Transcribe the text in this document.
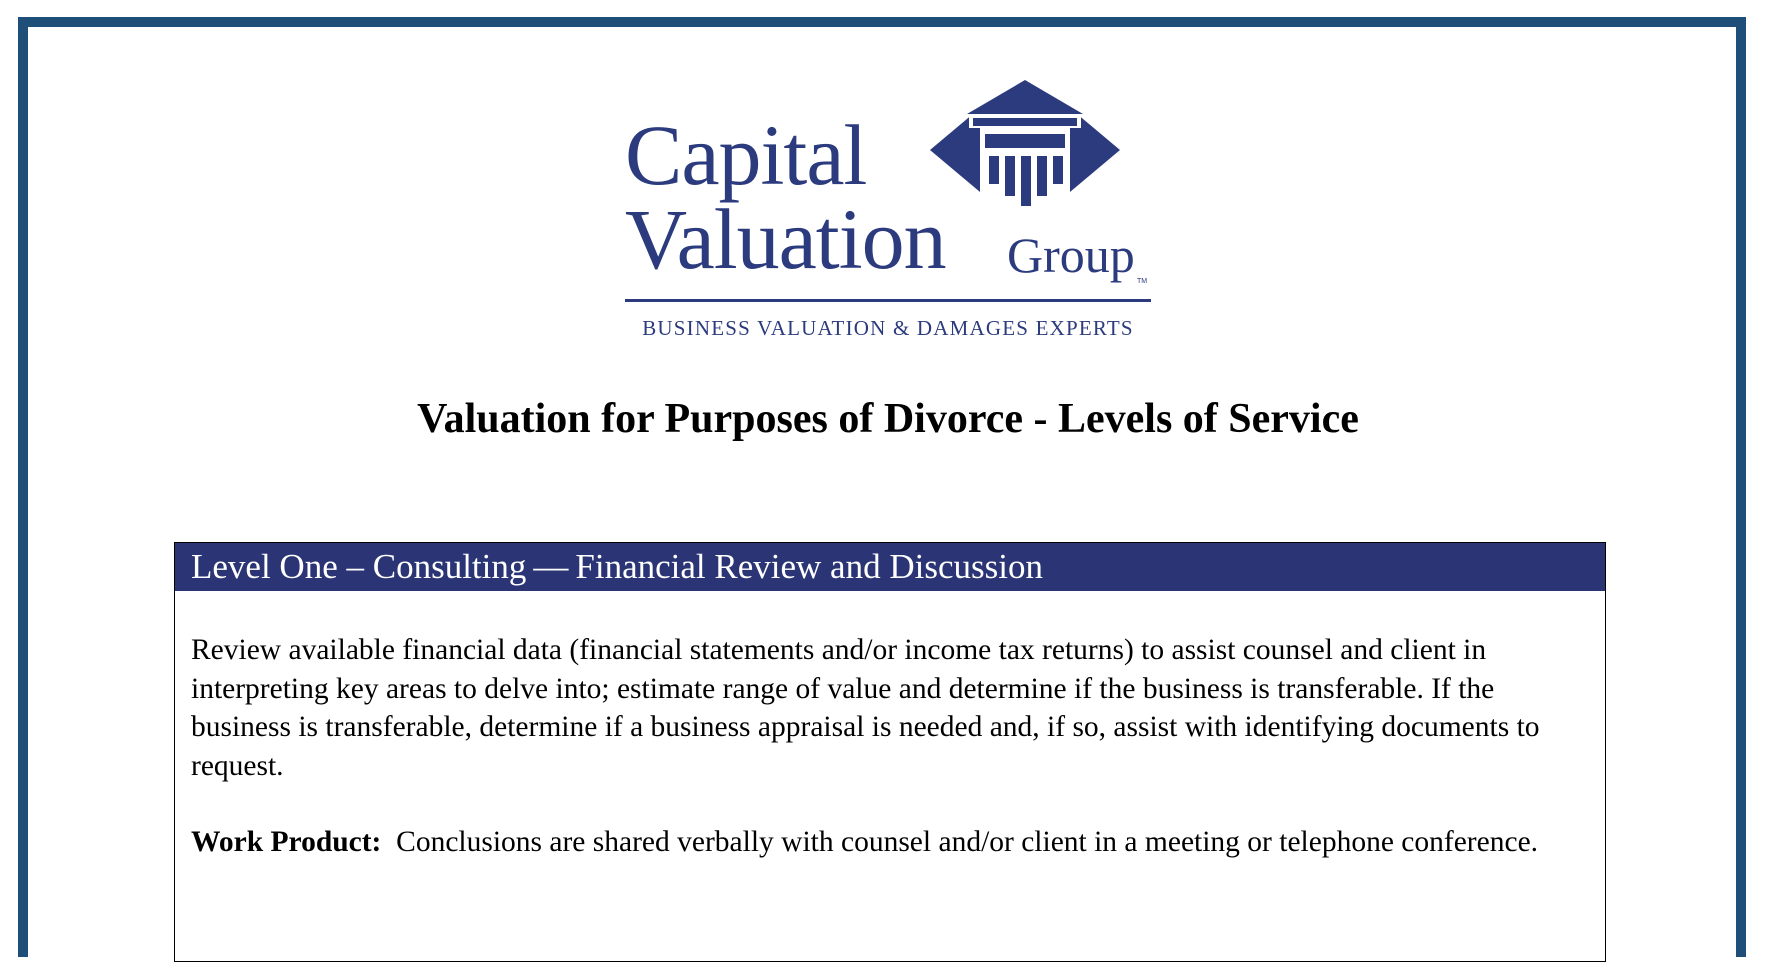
Capital
Valuation Group TM
BUSINESS VALUATION & DAMAGES EXPERTS
Valuation for Purposes of Divorce - Levels of Service
Level One – Consulting — Financial Review and Discussion

Review available financial data (financial statements and/or income tax returns) to assist counsel and client in interpreting key areas to delve into; estimate range of value and determine if the business is transferable. If the business is transferable, determine if a business appraisal is needed and, if so, assist with identifying documents to request.

Work Product:  Conclusions are shared verbally with counsel and/or client in a meeting or telephone conference.
